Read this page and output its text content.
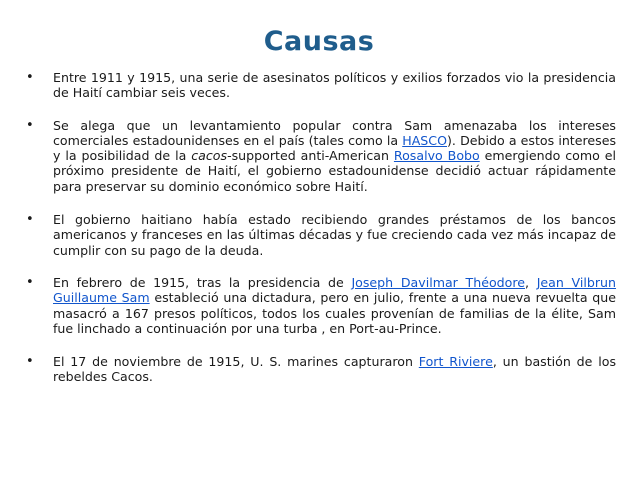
Causas
• Entre 1911 y 1915, una serie de asesinatos políticos y exilios forzados vio la presidencia de Haití cambiar seis veces.
• Se alega que un levantamiento popular contra Sam amenazaba los intereses comerciales estadounidenses en el país (tales como la HASCO). Debido a estos intereses y la posibilidad de la cacos-supported anti-American Rosalvo Bobo emergiendo como el próximo presidente de Haití, el gobierno estadounidense decidió actuar rápidamente para preservar su dominio económico sobre Haití.
• El gobierno haitiano había estado recibiendo grandes préstamos de los bancos americanos y franceses en las últimas décadas y fue creciendo cada vez más incapaz de cumplir con su pago de la deuda.
• En febrero de 1915, tras la presidencia de Joseph Davilmar Théodore, Jean Vilbrun Guillaume Sam estableció una dictadura, pero en julio, frente a una nueva revuelta que masacró a 167 presos políticos, todos los cuales provenían de familias de la élite, Sam fue linchado a continuación por una turba , en Port-au-Prince.
• El 17 de noviembre de 1915, U. S. marines capturaron Fort Riviere, un bastión de los rebeldes Cacos.
